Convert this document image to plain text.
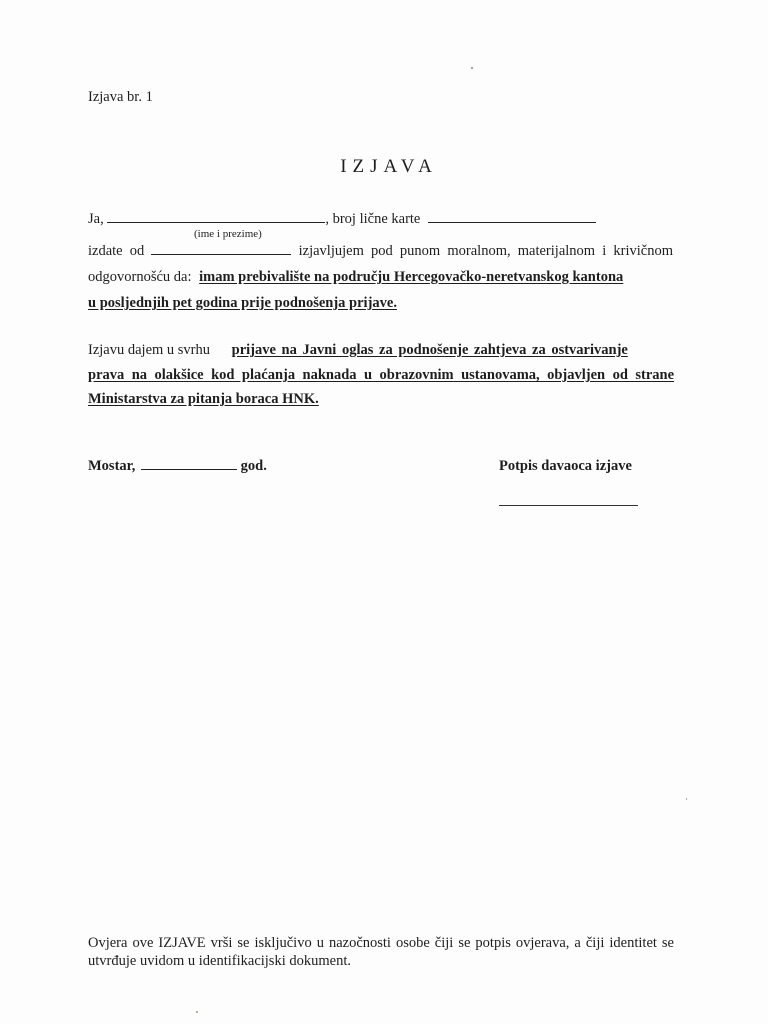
Izjava br. 1
IZJAVA
Ja,	, broj lične karte
(ime i prezime)
izdate od	izjavljujem pod punom moralnom, materijalnom i krivičnom
odgovornošću da: imam prebivalište na području Hercegovačko-neretvanskog kantona
u posljednjih pet godina prije podnošenja prijave.
Izjavu dajem u svrhu prijave na Javni oglas za podnošenje zahtjeva za ostvarivanje
prava na olakšice kod plaćanja naknada u obrazovnim ustanovama, objavljen od strane
Ministarstva za pitanja boraca HNK.
Mostar,	god.	Potpis davaoca izjave
Ovjera ove IZJAVE vrši se isključivo u nazočnosti osobe čiji se potpis ovjerava, a čiji identitet se utvrđuje uvidom u identifikacijski dokument.
